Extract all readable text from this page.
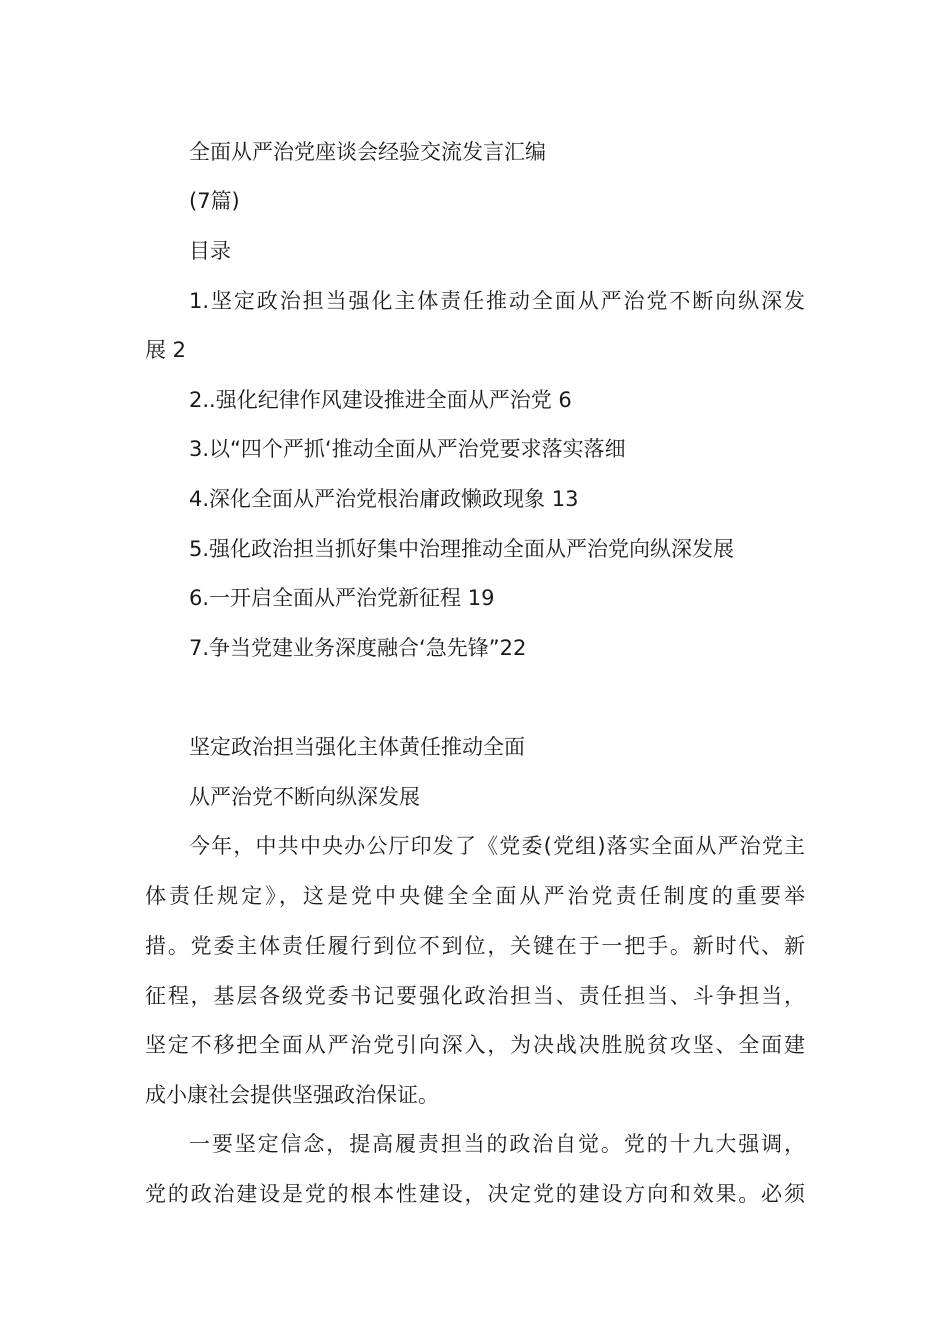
全面从严治党座谈会经验交流发言汇编
(7篇)
目录
1.坚定政治担当强化主体责任推动全面从严治党不断向纵深发
展 2
2..强化纪律作风建设推进全面从严治党 6
3.以“四个严抓‘推动全面从严治党要求落实落细
4.深化全面从严治党根治庸政懒政现象 13
5.强化政治担当抓好集中治理推动全面从严治党向纵深发展
6.一开启全面从严治党新征程 19
7.争当党建业务深度融合‘急先锋”22
坚定政治担当强化主体黄任推动全面
从严治党不断向纵深发展
今年，中共中央办公厅印发了《党委(党组)落实全面从严治党主
体责任规定》，这是党中央健全全面从严治党责任制度的重要举
措。党委主体责任履行到位不到位，关键在于一把手。新时代、新
征程，基层各级党委书记要强化政治担当、责任担当、斗争担当，
坚定不移把全面从严治党引向深入，为决战决胜脱贫攻坚、全面建
成小康社会提供坚强政治保证。
一要坚定信念，提高履责担当的政治自觉。党的十九大强调，
党的政治建设是党的根本性建设，决定党的建设方向和效果。必须
